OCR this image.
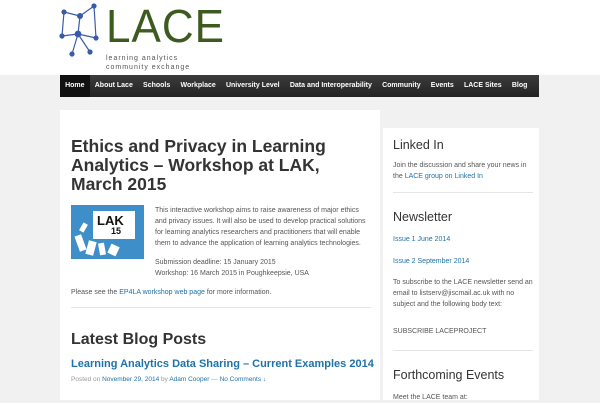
LACE
learning analytics
community exchange
Home	About Lace	Schools	Workplace	University Level	Data and Interoperability	Community	Events	LACE Sites	Blog
Ethics and Privacy in Learning Analytics – Workshop at LAK, March 2015
LAK
15

This interactive workshop aims to raise awareness of major ethics and privacy issues. It will also be used to develop practical solutions for learning analytics researchers and practitioners that will enable them to advance the application of learning analytics technologies.

Submission deadline: 15 January 2015
Workshop: 16 March 2015 in Poughkeepsie, USA
Please see the EP4LA workshop web page for more information.
Latest Blog Posts
Learning Analytics Data Sharing – Current Examples 2014
Posted on November 29, 2014 by Adam Cooper — No Comments ↓
Linked In
Join the discussion and share your news in the LACE group on Linked In
Newsletter
Issue 1 June 2014
Issue 2 September 2014
To subscribe to the LACE newsletter send an email to listserv@jiscmail.ac.uk with no subject and the following body text:
SUBSCRIBE LACEPROJECT
Forthcoming Events
Meet the LACE team at:
